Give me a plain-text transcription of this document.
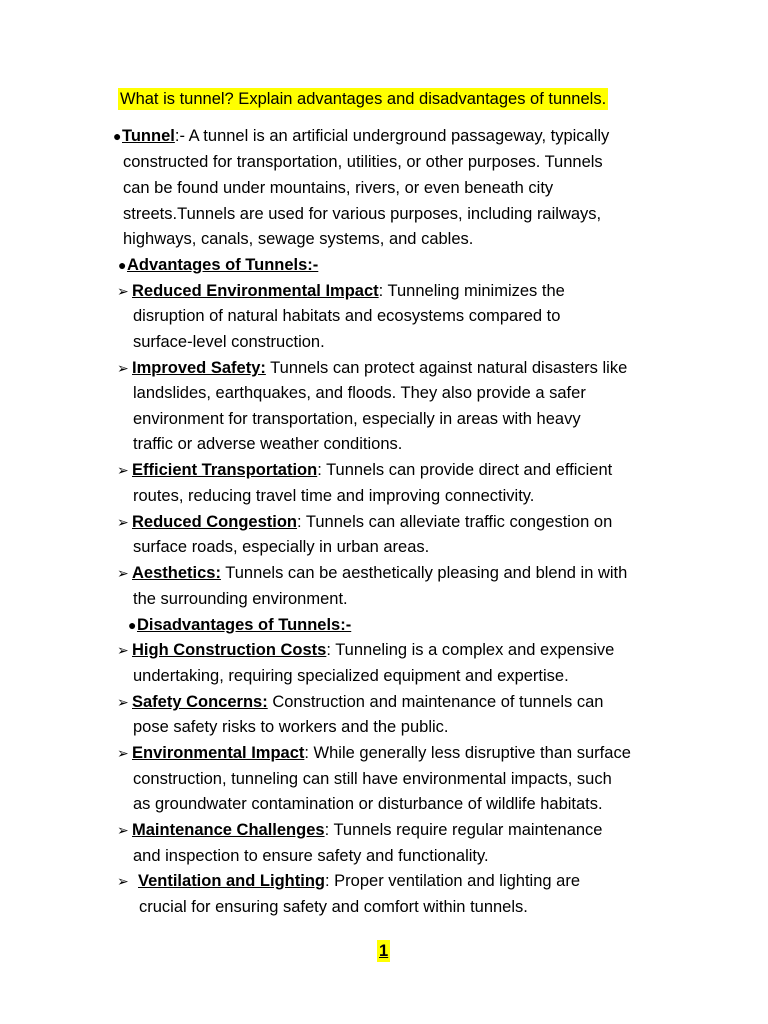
What is tunnel? Explain advantages and disadvantages of tunnels.
●Tunnel:- A tunnel is an artificial underground passageway, typically
constructed for transportation, utilities, or other purposes. Tunnels
can be found under mountains, rivers, or even beneath city
streets.Tunnels are used for various purposes, including railways,
highways, canals, sewage systems, and cables.
●Advantages of Tunnels:-
➢ Reduced Environmental Impact: Tunneling minimizes the
disruption of natural habitats and ecosystems compared to
surface-level construction.
➢ Improved Safety: Tunnels can protect against natural disasters like
landslides, earthquakes, and floods. They also provide a safer
environment for transportation, especially in areas with heavy
traffic or adverse weather conditions.
➢ Efficient Transportation: Tunnels can provide direct and efficient
routes, reducing travel time and improving connectivity.
➢ Reduced Congestion: Tunnels can alleviate traffic congestion on
surface roads, especially in urban areas.
➢ Aesthetics: Tunnels can be aesthetically pleasing and blend in with
the surrounding environment.
●Disadvantages of Tunnels:-
➢ High Construction Costs: Tunneling is a complex and expensive
undertaking, requiring specialized equipment and expertise.
➢ Safety Concerns: Construction and maintenance of tunnels can
pose safety risks to workers and the public.
➢ Environmental Impact: While generally less disruptive than surface
construction, tunneling can still have environmental impacts, such
as groundwater contamination or disturbance of wildlife habitats.
➢ Maintenance Challenges: Tunnels require regular maintenance
and inspection to ensure safety and functionality.
➢ Ventilation and Lighting: Proper ventilation and lighting are
crucial for ensuring safety and comfort within tunnels.
1
